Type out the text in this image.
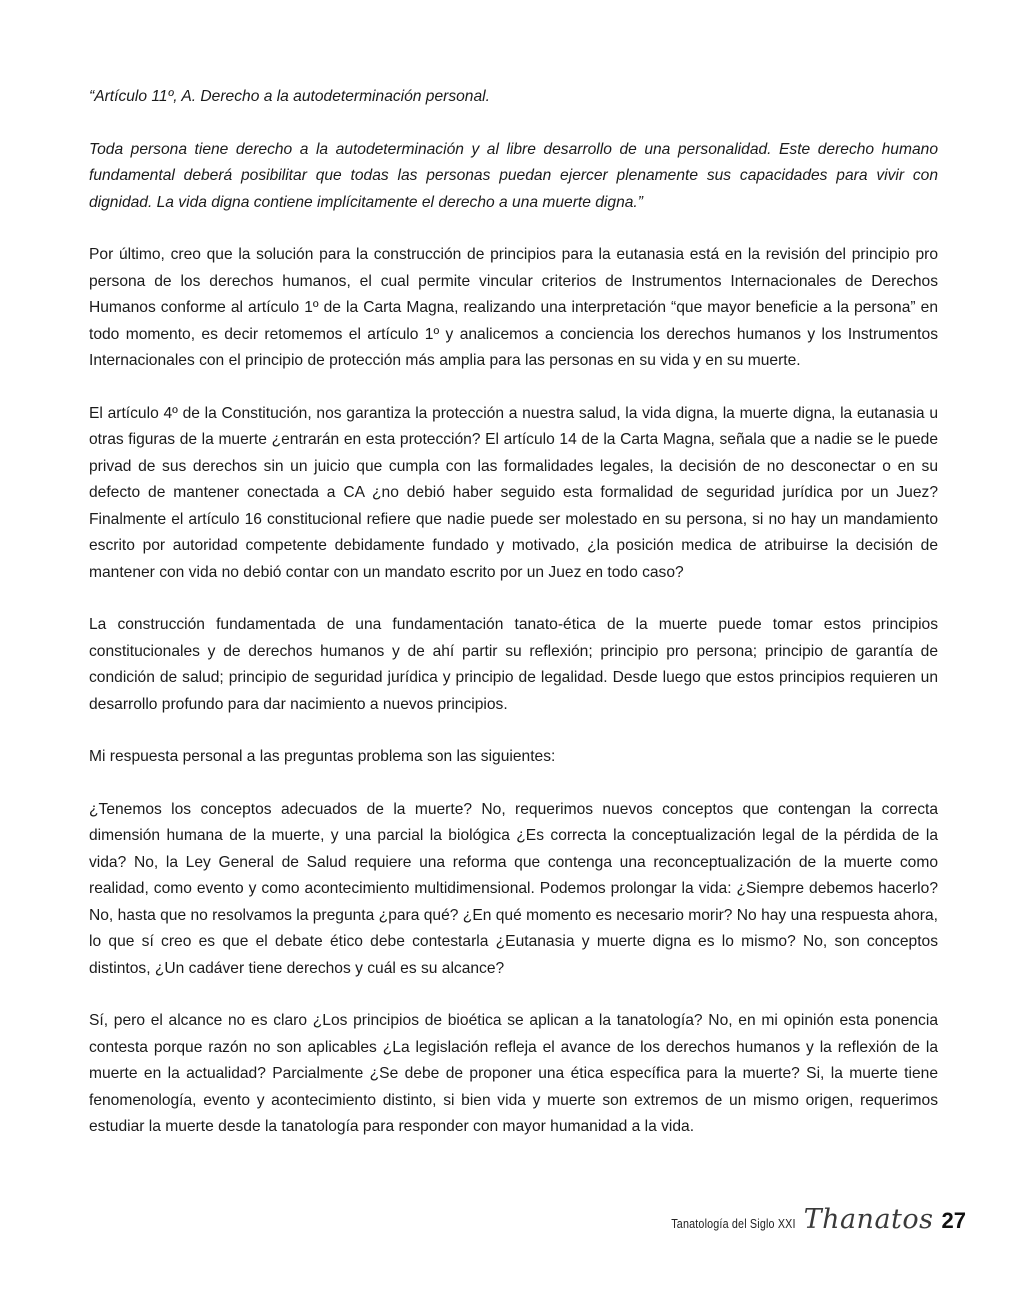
“Artículo 11º, A. Derecho a la autodeterminación personal.

Toda persona tiene derecho a la autodeterminación y al libre desarrollo de una personalidad. Este derecho humano fundamental deberá posibilitar que todas las personas puedan ejercer plenamente sus capacidades para vivir con dignidad. La vida digna contiene implícitamente el derecho a una muerte digna.”

Por último, creo que la solución para la construcción de principios para la eutanasia está en la revisión del principio pro persona de los derechos humanos, el cual permite vincular criterios de Instrumentos Internacionales de Derechos Humanos conforme al artículo 1º de la Carta Magna, realizando una interpretación “que mayor beneficie a la persona” en todo momento, es decir retomemos el artículo 1º y analicemos a conciencia los derechos humanos y los Instrumentos Internacionales con el principio de protección más amplia para las personas en su vida y en su muerte.

El artículo 4º de la Constitución, nos garantiza la protección a nuestra salud, la vida digna, la muerte digna, la eutanasia u otras figuras de la muerte ¿entrarán en esta protección? El artículo 14 de la Carta Magna, señala que a nadie se le puede privad de sus derechos sin un juicio que cumpla con las formalidades legales, la decisión de no desconectar o en su defecto de mantener conectada a CA ¿no debió haber seguido esta formalidad de seguridad jurídica por un Juez? Finalmente el artículo 16 constitucional refiere que nadie puede ser molestado en su persona, si no hay un mandamiento escrito por autoridad competente debidamente fundado y motivado, ¿la posición medica de atribuirse la decisión de mantener con vida no debió contar con un mandato escrito por un Juez en todo caso?

La construcción fundamentada de una fundamentación tanato-ética de la muerte puede tomar estos principios constitucionales y de derechos humanos y de ahí partir su reflexión; principio pro persona; principio de garantía de condición de salud; principio de seguridad jurídica y principio de legalidad. Desde luego que estos principios requieren un desarrollo profundo para dar nacimiento a nuevos principios.

Mi respuesta personal a las preguntas problema son las siguientes:

¿Tenemos los conceptos adecuados de la muerte? No, requerimos nuevos conceptos que contengan la correcta dimensión humana de la muerte, y una parcial la biológica ¿Es correcta la conceptualización legal de la pérdida de la vida? No, la Ley General de Salud requiere una reforma que contenga una reconceptualización de la muerte como realidad, como evento y como acontecimiento multidimensional. Podemos prolongar la vida: ¿Siempre debemos hacerlo? No, hasta que no resolvamos la pregunta ¿para qué? ¿En qué momento es necesario morir? No hay una respuesta ahora, lo que sí creo es que el debate ético debe contestarla ¿Eutanasia y muerte digna es lo mismo? No, son conceptos distintos, ¿Un cadáver tiene derechos y cuál es su alcance?

Sí, pero el alcance no es claro ¿Los principios de bioética se aplican a la tanatología? No, en mi opinión esta ponencia contesta porque razón no son aplicables ¿La legislación refleja el avance de los derechos humanos y la reflexión de la muerte en la actualidad? Parcialmente ¿Se debe de proponer una ética específica para la muerte? Si, la muerte tiene fenomenología, evento y acontecimiento distinto, si bien vida y muerte son extremos de un mismo origen, requerimos estudiar la muerte desde la tanatología para responder con mayor humanidad a la vida.

Tanatología del Siglo XXI Thanatos 27
